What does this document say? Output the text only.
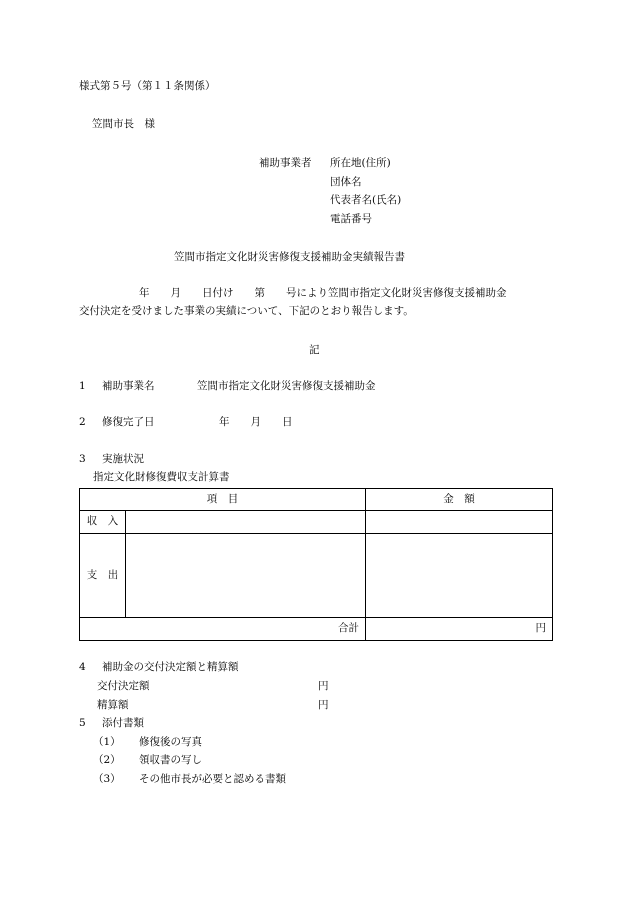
様式第５号（第１１条関係）
笠間市長　様
補助事業者 所在地(住所)
団体名
代表者名(氏名)
電話番号
笠間市指定文化財災害修復支援補助金実績報告書
年　　月　　日付け　　第　　号により笠間市指定文化財災害修復支援補助金
交付決定を受けました事業の実績について、下記のとおり報告します。
記
1 補助事業名	笠間市指定文化財災害修復支援補助金
2 修復完了日	年　　月　　日
3 実施状況
指定文化財修復費収支計算書
項　目		金　額
収　入		
支　出		
合計		円
4 補助金の交付決定額と精算額
交付決定額	円
精算額	円
5 添付書類
（1） 修復後の写真
（2） 領収書の写し
（3） その他市長が必要と認める書類
